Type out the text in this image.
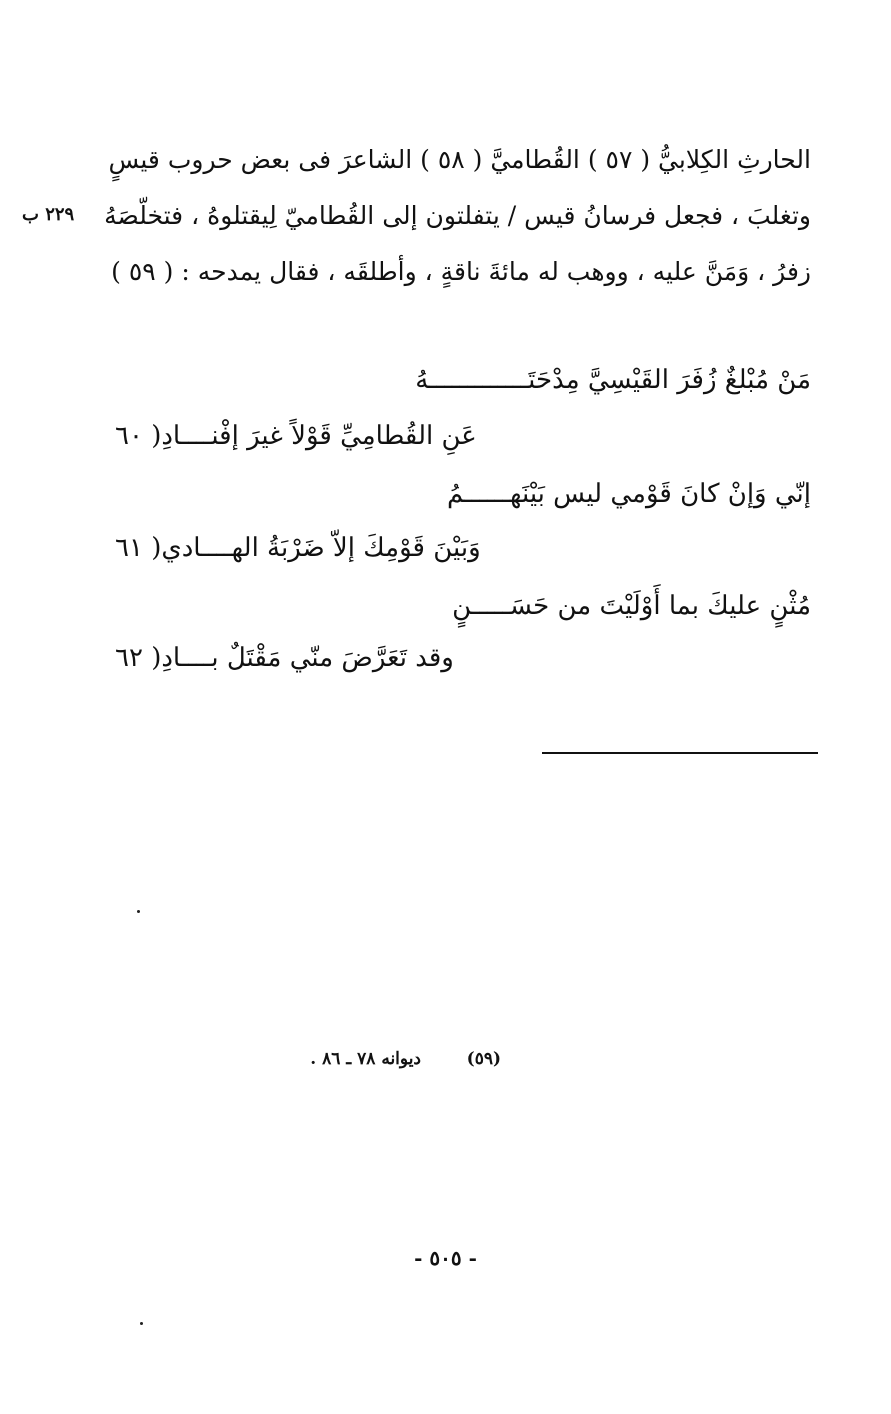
الحارثِ الكِلابيُّ ( ٥٧ ) القُطاميَّ ( ٥٨ ) الشاعرَ فى بعض حروب قيسٍ
وتغلبَ ، فجعل فرسانُ قيس / يتفلتون إلى القُطاميّ لِيقتلوهُ ، فتخلّصَهُ
زفرُ ، وَمَنَّ عليه ، ووهب له مائةَ ناقةٍ ، وأطلقَه ، فقال يمدحه : ( ٥٩ )
٢٢٩ ب
مَنْ مُبْلغٌ زُفَرَ القَيْسِيَّ مِدْحَتَـــــــــــــهُ
عَنِ القُطامِيِّ قَوْلاً غيرَ إفْنــــادِ( ٦٠
إنّي وَإنْ كانَ قَوْمي ليس بَيْنَهــــــمُ
وَبَيْنَ قَوْمِكَ إلاّ ضَرْبَةُ الهــــادي( ٦١
مُثْنٍ عليكَ بما أَوْلَيْتَ من حَسَـــــنٍ
وقد تَعَرَّضَ منّي مَقْتَلٌ بــــادِ( ٦٢
(٥٩)
ديوانه ٧٨ ـ ٨٦ .
- ٥٠٥ -
